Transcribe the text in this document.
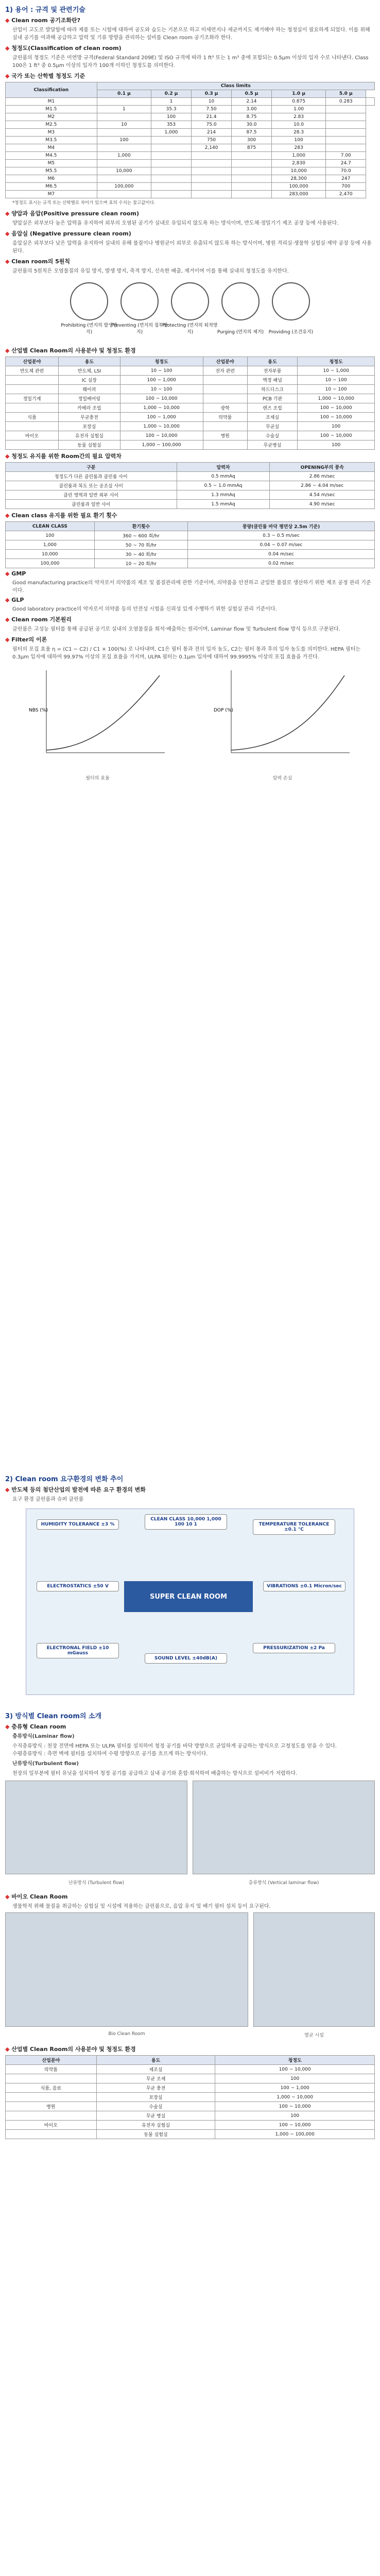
1) 용어 : 규격 및 관련기술

◆ Clean room 공기조화란?

산업이 고도로 발달함에 따라 제품 또는 시험에 대하여 공도와 습도는 기본으로 하고 미세먼지나 세균까지도 제거해야 하는 청정실이 필요하게 되었다. 이를 위해 실내 공기를 여과해 공급하고 압력 및 기류 방향을 관리하는 설비를 Clean room 공기조화라 한다.

◆ 청정도(Classification of clean room)

클린룸의 청정도 기준은 미연방 규격(Federal Standard 209E) 및 ISO 규격에 따라 1 ft³ 또는 1 m³ 중에 포함되는 0.5μm 이상의 입자 수로 나타낸다. Class 100은 1 ft³ 중 0.5μm 이상의 입자가 100개 이하인 청정도를 의미한다.

◆ 국가 또는 산학별 청정도 기준

Classification	Class limits						
	0.1 μ	0.2 μ	0.3 μ	0.5 μ	1.0 μ	5.0 μ	
M1		1	10	2.14	0.875	0.283	
M1.5	1	35.3	7.50	3.00	1.00		
M2		100	21.4	8.75	2.83		
M2.5	10	353	75.0	30.0	10.0		
M3		1,000	214	87.5	28.3		
M3.5	100		750	300	100		
M4			2,140	875	283		
M4.5	1,000				1,000	7.00	
M5					2,830	24.7	
M5.5	10,000				10,000	70.0	
M6					28,300	247	
M6.5	100,000				100,000	700	
M7					283,000	2,470	

*청정도 표시는 규격 또는 산학별로 차이가 있으며 표의 수치는 참고값이다.

◆ 양압과 음압(Positive pressure clean room)

양압실은 외부보다 높은 압력을 유지하여 외부의 오염된 공기가 실내로 유입되지 않도록 하는 방식이며, 반도체·정밀기기 제조 공장 등에 사용된다.

◆ 음압실 (Negative pressure clean room)

음압실은 외부보다 낮은 압력을 유지하여 실내의 유해 물질이나 병원균이 외부로 유출되지 않도록 하는 방식이며, 병원 격리실·생물학 실험실·제약 공장 등에 사용된다.

◆ Clean room의 5원칙

클린룸의 5원칙은 오염물질의 유입 방지, 발생 방지, 축적 방지, 신속한 배출, 제거이며 이를 통해 실내의 청정도를 유지한다.

Prohibiting (먼지의 발생방지)
Preventing (먼지의 침투방지)
Protecting (먼지의 퇴적방지)	Purging (먼지의 제거)	Providing (조건유지)

◆ 산업별 Clean Room의 사용분야 및 청정도 환경

산업분야	용도	청정도	산업분야	용도	청정도
반도체 관련	반도체, LSI	10 ~ 100	전자 관련	전자부품	10 ~ 1,000
	IC 실장	100 ~ 1,000		액정 패널	10 ~ 100
	웨이퍼	10 ~ 100		하드디스크	10 ~ 100
정밀기계	정밀베어링	100 ~ 10,000		PCB 기판	1,000 ~ 10,000
	카메라 조립	1,000 ~ 10,000	광학	렌즈 조립	100 ~ 10,000
식품	무균충전	100 ~ 1,000	의약품	조제실	100 ~ 10,000
	포장실	1,000 ~ 10,000		무균실	100
바이오	유전자 실험실	100 ~ 10,000	병원	수술실	100 ~ 10,000
	동물 실험실	1,000 ~ 100,000		무균병실	100

◆ 청정도 유지를 위한 Room간의 필요 압력차

구분	압력차	OPENING부의 풍속
청정도가 다른 클린룸과 클린룸 사이	0.5 mmAq	2.86 m/sec
클린룸과 복도 또는 공조실 사이	0.5 ~ 1.0 mmAq	2.86 ~ 4.04 m/sec
클린 영역과 일반 외부 사이	1.3 mmAq	4.54 m/sec
클린룸과 일반 사이	1.5 mmAq	4.90 m/sec

◆ Clean class 유지를 위한 필요 환기 횟수

CLEAN CLASS	환기횟수	풍량(클린룸 바닥 평면상 2.5m 기준)
100	360 ~ 600 회/hr	0.3 ~ 0.5 m/sec
1,000	50 ~ 70 회/hr	0.04 ~ 0.07 m/sec
10,000	30 ~ 40 회/hr	0.04 m/sec
100,000	10 ~ 20 회/hr	0.02 m/sec

◆ GMP

Good manufacturing practice의 약자로서 의약품의 제조 및 품질관리에 관한 기준이며, 의약품을 안전하고 균일한 품질로 생산하기 위한 제조 공정 관리 기준이다.

◆ GLP

Good laboratory practice의 약자로서 의약품 등의 안전성 시험을 신뢰성 있게 수행하기 위한 실험실 관리 기준이다.

◆ Clean room 기본원리

클린룸은 고성능 필터를 통해 공급된 공기로 실내의 오염물질을 희석·배출하는 원리이며, Laminar flow 및 Turbulent flow 방식 등으로 구분된다.

◆ Filter의 이론

필터의 포집 효율 η = (C1 − C2) / C1 × 100(%) 로 나타내며, C1은 필터 통과 전의 입자 농도, C2는 필터 통과 후의 입자 농도를 의미한다. HEPA 필터는 0.3μm 입자에 대하여 99.97% 이상의 포집 효율을 가지며, ULPA 필터는 0.1μm 입자에 대하여 99.9995% 이상의 포집 효율을 가진다.

NBS (%)

필터의 효율

DOP (%)

압력 손실

2) Clean room 요구환경의 변화 추이

◆ 반도체 등의 첨단산업의 발전에 따른 요구 환경의 변화

요구 환경 클린룸과 슈퍼 클린룸

SUPER CLEAN ROOM
HUMIDITY TOLERANCE ±3 %
CLEAN CLASS 10,000 1,000 100 10 1	TEMPERATURE TOLERANCE ±0.1 °C
ELECTROSTATICS ±50 V	VIBRATIONS ±0.1 Micron/sec
ELECTRONAL FIELD ±10 mGauss
SOUND LEVEL ±40dB(A)
PRESSURIZATION ±2 Pa

3) 방식별 Clean room의 소개

◆ 층류형 Clean room

층류방식(Laminar flow)

수직층류방식 : 천장 전면에 HEPA 또는 ULPA 필터를 설치하여 청정 공기를 바닥 방향으로 균일하게 공급하는 방식으로 고청정도를 얻을 수 있다.
수평층류방식 : 측면 벽에 필터를 설치하여 수평 방향으로 공기를 흐르게 하는 방식이다.

난류방식(Turbulent flow)

천장의 일부분에 필터 유닛을 설치하여 청정 공기를 공급하고 실내 공기와 혼합·희석하여 배출하는 방식으로 설비비가 저렴하다.

난류방식 (Turbulent flow)	층류방식 (Vertical laminar flow)

◆ 바이오 Clean Room

생물학적 위해 물질을 취급하는 실험실 및 시설에 적용하는 클린룸으로, 음압 유지 및 배기 필터 설치 등이 요구된다.

Bio Clean Room	멸균 시설

◆ 산업별 Clean Room의 사용분야 및 청정도 환경

산업분야	용도	청정도
의약품	제조실	100 ~ 10,000
	무균 조제	100
식품, 음료	무균 충전	100 ~ 1,000
	포장실	1,000 ~ 10,000
병원	수술실	100 ~ 10,000
	무균 병실	100
바이오	유전자 실험실	100 ~ 10,000
	동물 실험실	1,000 ~ 100,000
